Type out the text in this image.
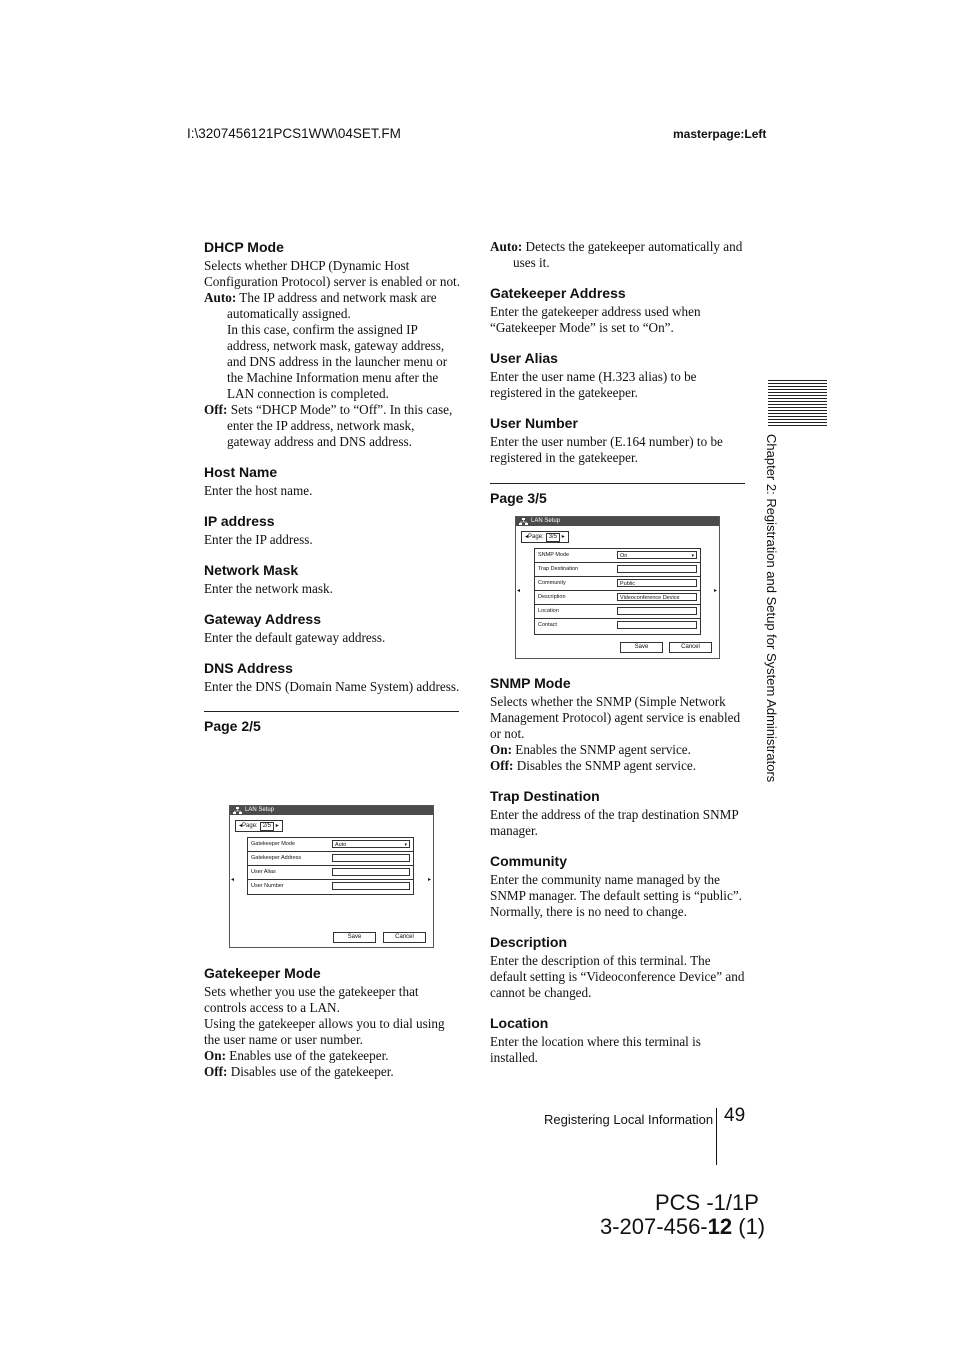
I:\3207456121PCS1WW\04SET.FM	masterpage:Left
DHCP Mode

Selects whether DHCP (Dynamic Host Configuration Protocol) server is enabled or not.

Auto: The IP address and network mask are automatically assigned.

In this case, confirm the assigned IP address, network mask, gateway address, and DNS address in the launcher menu or the Machine Information menu after the LAN connection is completed.

Off: Sets “DHCP Mode” to “Off”. In this case, enter the IP address, network mask, gateway address and DNS address.

Host Name

Enter the host name.

IP address

Enter the IP address.

Network Mask

Enter the network mask.

Gateway Address

Enter the default gateway address.

DNS Address

Enter the DNS (Domain Name System) address.

Page 2/5
LAN Setup
◂Page: 2/5 ▸
◂	▸
Gatekeeper Mode	Auto	▾
Gatekeeper Address
User Alias
User Number
Save	Cancel
Gatekeeper Mode

Sets whether you use the gatekeeper that controls access to a LAN.

Using the gatekeeper allows you to dial using the user name or user number.

On: Enables use of the gatekeeper.

Off: Disables use of the gatekeeper.

Auto: Detects the gatekeeper automatically and uses it.

Gatekeeper Address

Enter the gatekeeper address used when “Gatekeeper Mode” is set to “On”.

User Alias

Enter the user name (H.323 alias) to be registered in the gatekeeper.

User Number

Enter the user number (E.164 number) to be registered in the gatekeeper.

Page 3/5
LAN Setup
◂Page: 3/5 ▸
◂	▸
SNMP Mode	On	▾
Trap Destination
Community	Public
Description	Videoconference Device
Location
Contact
Save	Cancel
SNMP Mode

Selects whether the SNMP (Simple Network Management Protocol) agent service is enabled or not.

On: Enables the SNMP agent service.

Off: Disables the SNMP agent service.

Trap Destination

Enter the address of the trap destination SNMP manager.

Community

Enter the community name managed by the SNMP manager. The default setting is “public”. Normally, there is no need to change.

Description

Enter the description of this terminal. The default setting is “Videoconference Device” and cannot be changed.

Location

Enter the location where this terminal is installed.

Chapter 2: Registration and Setup for System Administrators
Registering Local Information 49
PCS -1/1P
3-207-456-12 (1)
